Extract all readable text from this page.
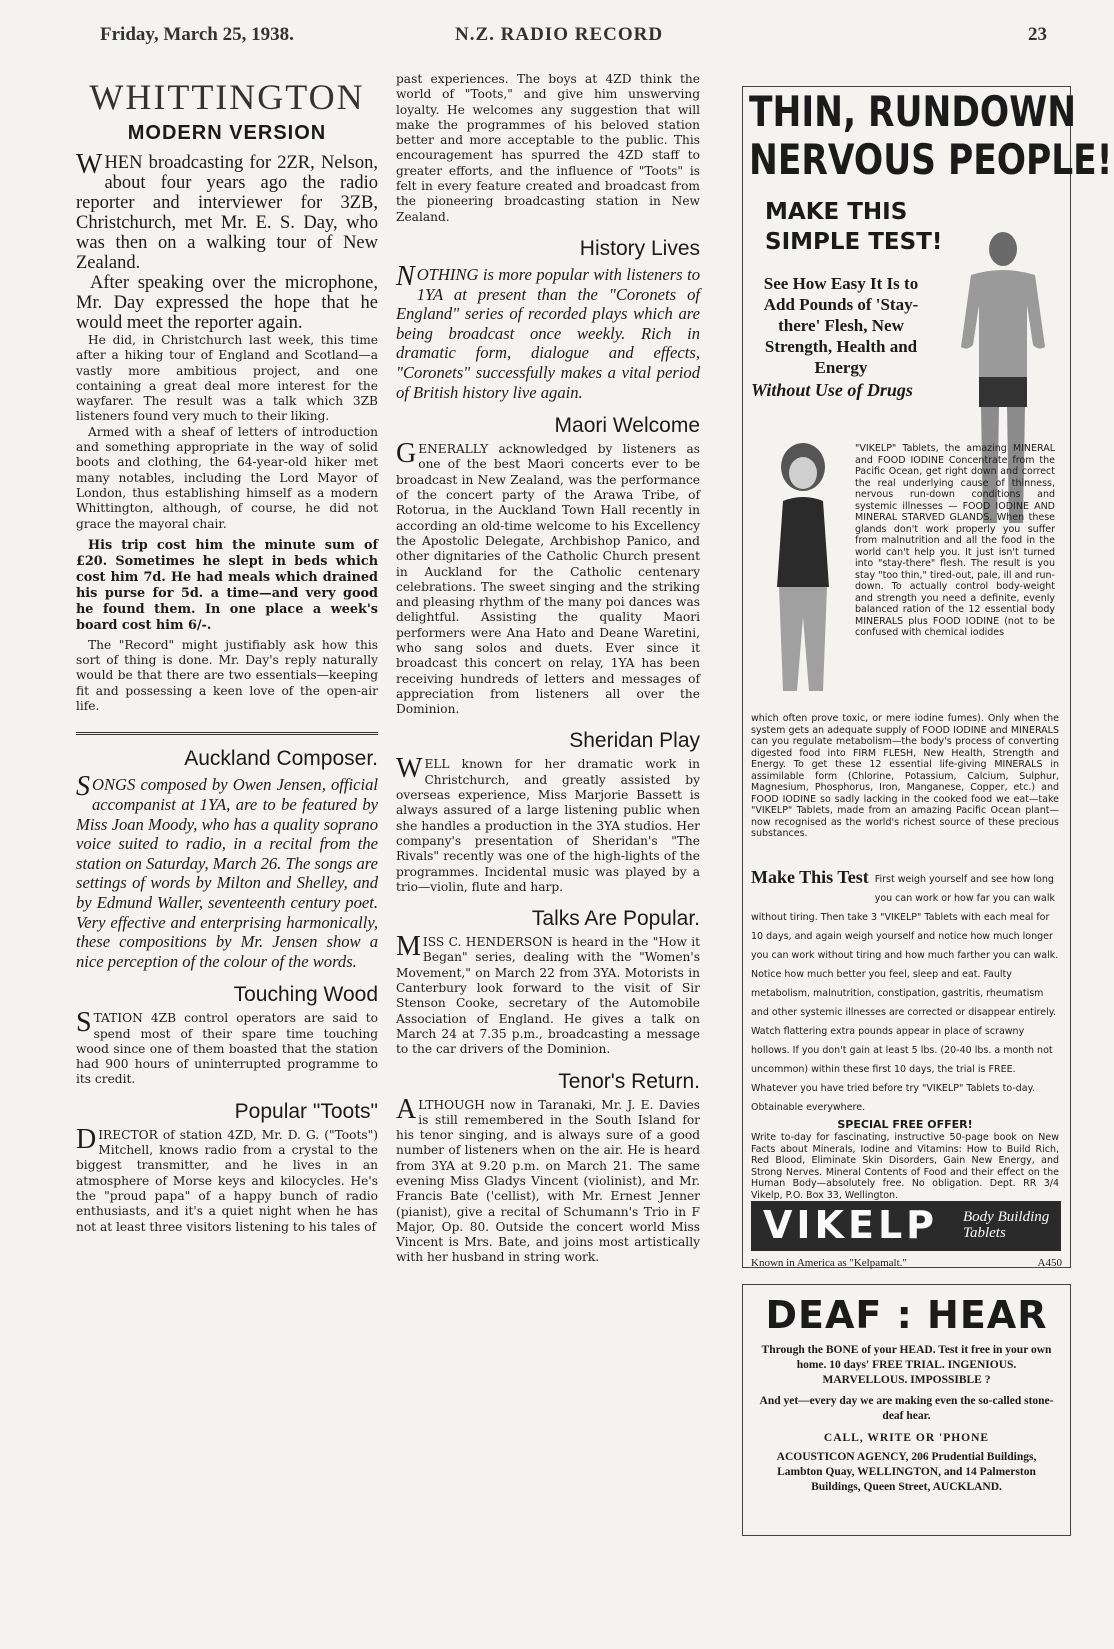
Friday, March 25, 1938.	N.Z. RADIO RECORD	23
WHITTINGTON
MODERN VERSION

WHEN broadcasting for 2ZR, Nelson, about four years ago the radio reporter and interviewer for 3ZB, Christchurch, met Mr. E. S. Day, who was then on a walking tour of New Zealand.

After speaking over the microphone, Mr. Day expressed the hope that he would meet the reporter again.

He did, in Christchurch last week, this time after a hiking tour of England and Scotland—a vastly more ambitious project, and one containing a great deal more interest for the wayfarer. The result was a talk which 3ZB listeners found very much to their liking.

Armed with a sheaf of letters of introduction and something appropriate in the way of solid boots and clothing, the 64-year-old hiker met many notables, including the Lord Mayor of London, thus establishing himself as a modern Whittington, although, of course, he did not grace the mayoral chair.

His trip cost him the minute sum of £20. Sometimes he slept in beds which cost him 7d. He had meals which drained his purse for 5d. a time—and very good he found them. In one place a week's board cost him 6/-.

The "Record" might justifiably ask how this sort of thing is done. Mr. Day's reply naturally would be that there are two essentials—keeping fit and possessing a keen love of the open-air life.

Auckland Composer.

SONGS composed by Owen Jensen, official accompanist at 1YA, are to be featured by Miss Joan Moody, who has a quality soprano voice suited to radio, in a recital from the station on Saturday, March 26. The songs are settings of words by Milton and Shelley, and by Edmund Waller, seventeenth century poet. Very effective and enterprising harmonically, these compositions by Mr. Jensen show a nice perception of the colour of the words.

Touching Wood

STATION 4ZB control operators are said to spend most of their spare time touching wood since one of them boasted that the station had 900 hours of uninterrupted programme to its credit.

Popular "Toots"

DIRECTOR of station 4ZD, Mr. D. G. ("Toots") Mitchell, knows radio from a crystal to the biggest transmitter, and he lives in an atmosphere of Morse keys and kilocycles. He's the "proud papa" of a happy bunch of radio enthusiasts, and it's a quiet night when he has not at least three visitors listening to his tales of

past experiences. The boys at 4ZD think the world of "Toots," and give him unswerving loyalty. He welcomes any suggestion that will make the programmes of his beloved station better and more acceptable to the public. This encouragement has spurred the 4ZD staff to greater efforts, and the influence of "Toots" is felt in every feature created and broadcast from the pioneering broadcasting station in New Zealand.

History Lives

NOTHING is more popular with listeners to 1YA at present than the "Coronets of England" series of recorded plays which are being broadcast once weekly. Rich in dramatic form, dialogue and effects, "Coronets" successfully makes a vital period of British history live again.

Maori Welcome

GENERALLY acknowledged by listeners as one of the best Maori concerts ever to be broadcast in New Zealand, was the performance of the concert party of the Arawa Tribe, of Rotorua, in the Auckland Town Hall recently in according an old-time welcome to his Excellency the Apostolic Delegate, Archbishop Panico, and other dignitaries of the Catholic Church present in Auckland for the Catholic centenary celebrations. The sweet singing and the striking and pleasing rhythm of the many poi dances was delightful. Assisting the quality Maori performers were Ana Hato and Deane Waretini, who sang solos and duets. Ever since it broadcast this concert on relay, 1YA has been receiving hundreds of letters and messages of appreciation from listeners all over the Dominion.

Sheridan Play

WELL known for her dramatic work in Christchurch, and greatly assisted by overseas experience, Miss Marjorie Bassett is always assured of a large listening public when she handles a production in the 3YA studios. Her company's presentation of Sheridan's "The Rivals" recently was one of the high-lights of the programmes. Incidental music was played by a trio—violin, flute and harp.

Talks Are Popular.

MISS C. HENDERSON is heard in the "How it Began" series, dealing with the "Women's Movement," on March 22 from 3YA. Motorists in Canterbury look forward to the visit of Sir Stenson Cooke, secretary of the Automobile Association of England. He gives a talk on March 24 at 7.35 p.m., broadcasting a message to the car drivers of the Dominion.

Tenor's Return.

ALTHOUGH now in Taranaki, Mr. J. E. Davies is still remembered in the South Island for his tenor singing, and is always sure of a good number of listeners when on the air. He is heard from 3YA at 9.20 p.m. on March 21. The same evening Miss Gladys Vincent (violinist), and Mr. Francis Bate ('cellist), with Mr. Ernest Jenner (pianist), give a recital of Schumann's Trio in F Major, Op. 80. Outside the concert world Miss Vincent is Mrs. Bate, and joins most artistically with her husband in string work.

THIN, RUNDOWN
NERVOUS PEOPLE!
MAKE THIS
SIMPLE TEST!
See How Easy It Is to Add Pounds of 'Stay-there' Flesh, New Strength, Health and Energy
Without Use of Drugs
"VIKELP" Tablets, the amazing MINERAL and FOOD IODINE Concentrate from the Pacific Ocean, get right down and correct the real underlying cause of thinness, nervous run-down conditions and systemic illnesses — FOOD IODINE AND MINERAL STARVED GLANDS. When these glands don't work properly you suffer from malnutrition and all the food in the world can't help you. It just isn't turned into "stay-there" flesh. The result is you stay "too thin," tired-out, pale, ill and run-down. To actually control body-weight and strength you need a definite, evenly balanced ration of the 12 essential body MINERALS plus FOOD IODINE (not to be confused with chemical iodides
which often prove toxic, or mere iodine fumes). Only when the system gets an adequate supply of FOOD IODINE and MINERALS can you regulate metabolism—the body's process of converting digested food into FIRM FLESH, New Health, Strength and Energy. To get these 12 essential life-giving MINERALS in assimilable form (Chlorine, Potassium, Calcium, Sulphur, Magnesium, Phosphorus, Iron, Manganese, Copper, etc.) and FOOD IODINE so sadly lacking in the cooked food we eat—take "VIKELP" Tablets, made from an amazing Pacific Ocean plant—now recognised as the world's richest source of these precious substances.
Make This Test First weigh yourself and see how long you can work or how far you can walk without tiring. Then take 3 "VIKELP" Tablets with each meal for 10 days, and again weigh yourself and notice how much longer you can work without tiring and how much farther you can walk. Notice how much better you feel, sleep and eat. Faulty metabolism, malnutrition, constipation, gastritis, rheumatism and other systemic illnesses are corrected or disappear entirely. Watch flattering extra pounds appear in place of scrawny hollows. If you don't gain at least 5 lbs. (20-40 lbs. a month not uncommon) within these first 10 days, the trial is FREE. Whatever you have tried before try "VIKELP" Tablets to-day. Obtainable everywhere.
SPECIAL FREE OFFER!
Write to-day for fascinating, instructive 50-page book on New Facts about Minerals, Iodine and Vitamins: How to Build Rich, Red Blood, Eliminate Skin Disorders, Gain New Energy, and Strong Nerves. Mineral Contents of Food and their effect on the Human Body—absolutely free. No obligation. Dept. RR 3/4 Vikelp, P.O. Box 33, Wellington.
VIKELP Body Building Tablets
Known in America as "Kelpamalt."	A450
DEAF : HEAR
Through the BONE of your HEAD. Test it free in your own home. 10 days' FREE TRIAL. INGENIOUS. MARVELLOUS. IMPOSSIBLE ?
And yet—every day we are making even the so-called stone-deaf hear.
CALL, WRITE OR 'PHONE
ACOUSTICON AGENCY, 206 Prudential Buildings, Lambton Quay, WELLINGTON, and 14 Palmerston Buildings, Queen Street, AUCKLAND.
